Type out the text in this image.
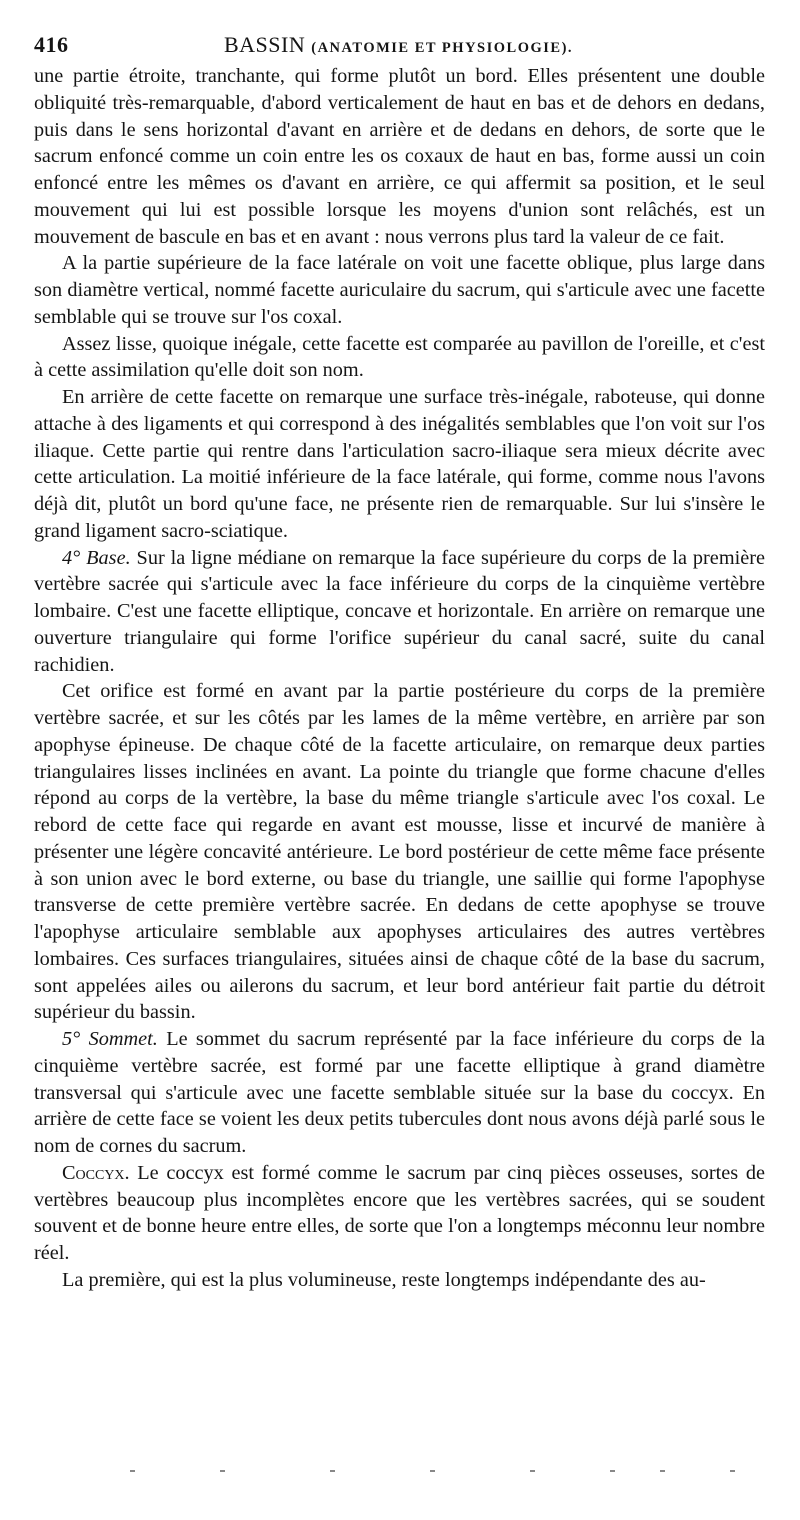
416	BASSIN (ANATOMIE ET PHYSIOLOGIE).

une partie étroite, tranchante, qui forme plutôt un bord. Elles présentent une double obliquité très-remarquable, d'abord verticalement de haut en bas et de dehors en dedans, puis dans le sens horizontal d'avant en arrière et de dedans en dehors, de sorte que le sacrum enfoncé comme un coin entre les os coxaux de haut en bas, forme aussi un coin enfoncé entre les mêmes os d'avant en arrière, ce qui affermit sa position, et le seul mouvement qui lui est possible lorsque les moyens d'union sont relâchés, est un mouvement de bascule en bas et en avant : nous verrons plus tard la valeur de ce fait.

A la partie supérieure de la face latérale on voit une facette oblique, plus large dans son diamètre vertical, nommé facette auriculaire du sacrum, qui s'articule avec une facette semblable qui se trouve sur l'os coxal.

Assez lisse, quoique inégale, cette facette est comparée au pavillon de l'oreille, et c'est à cette assimilation qu'elle doit son nom.

En arrière de cette facette on remarque une surface très-inégale, raboteuse, qui donne attache à des ligaments et qui correspond à des inégalités semblables que l'on voit sur l'os iliaque. Cette partie qui rentre dans l'articulation sacro-iliaque sera mieux décrite avec cette articulation. La moitié inférieure de la face latérale, qui forme, comme nous l'avons déjà dit, plutôt un bord qu'une face, ne présente rien de remarquable. Sur lui s'insère le grand ligament sacro-sciatique.

4° Base. Sur la ligne médiane on remarque la face supérieure du corps de la première vertèbre sacrée qui s'articule avec la face inférieure du corps de la cinquième vertèbre lombaire. C'est une facette elliptique, concave et horizontale. En arrière on remarque une ouverture triangulaire qui forme l'orifice supérieur du canal sacré, suite du canal rachidien.

Cet orifice est formé en avant par la partie postérieure du corps de la première vertèbre sacrée, et sur les côtés par les lames de la même vertèbre, en arrière par son apophyse épineuse. De chaque côté de la facette articulaire, on remarque deux parties triangulaires lisses inclinées en avant. La pointe du triangle que forme chacune d'elles répond au corps de la vertèbre, la base du même triangle s'articule avec l'os coxal. Le rebord de cette face qui regarde en avant est mousse, lisse et incurvé de manière à présenter une légère concavité antérieure. Le bord postérieur de cette même face présente à son union avec le bord externe, ou base du triangle, une saillie qui forme l'apophyse transverse de cette première vertèbre sacrée. En dedans de cette apophyse se trouve l'apophyse articulaire semblable aux apophyses articulaires des autres vertèbres lombaires. Ces surfaces triangulaires, situées ainsi de chaque côté de la base du sacrum, sont appelées ailes ou ailerons du sacrum, et leur bord antérieur fait partie du détroit supérieur du bassin.

5° Sommet. Le sommet du sacrum représenté par la face inférieure du corps de la cinquième vertèbre sacrée, est formé par une facette elliptique à grand diamètre transversal qui s'articule avec une facette semblable située sur la base du coccyx. En arrière de cette face se voient les deux petits tubercules dont nous avons déjà parlé sous le nom de cornes du sacrum.

Coccyx. Le coccyx est formé comme le sacrum par cinq pièces osseuses, sortes de vertèbres beaucoup plus incomplètes encore que les vertèbres sacrées, qui se soudent souvent et de bonne heure entre elles, de sorte que l'on a longtemps méconnu leur nombre réel.

La première, qui est la plus volumineuse, reste longtemps indépendante des au-
